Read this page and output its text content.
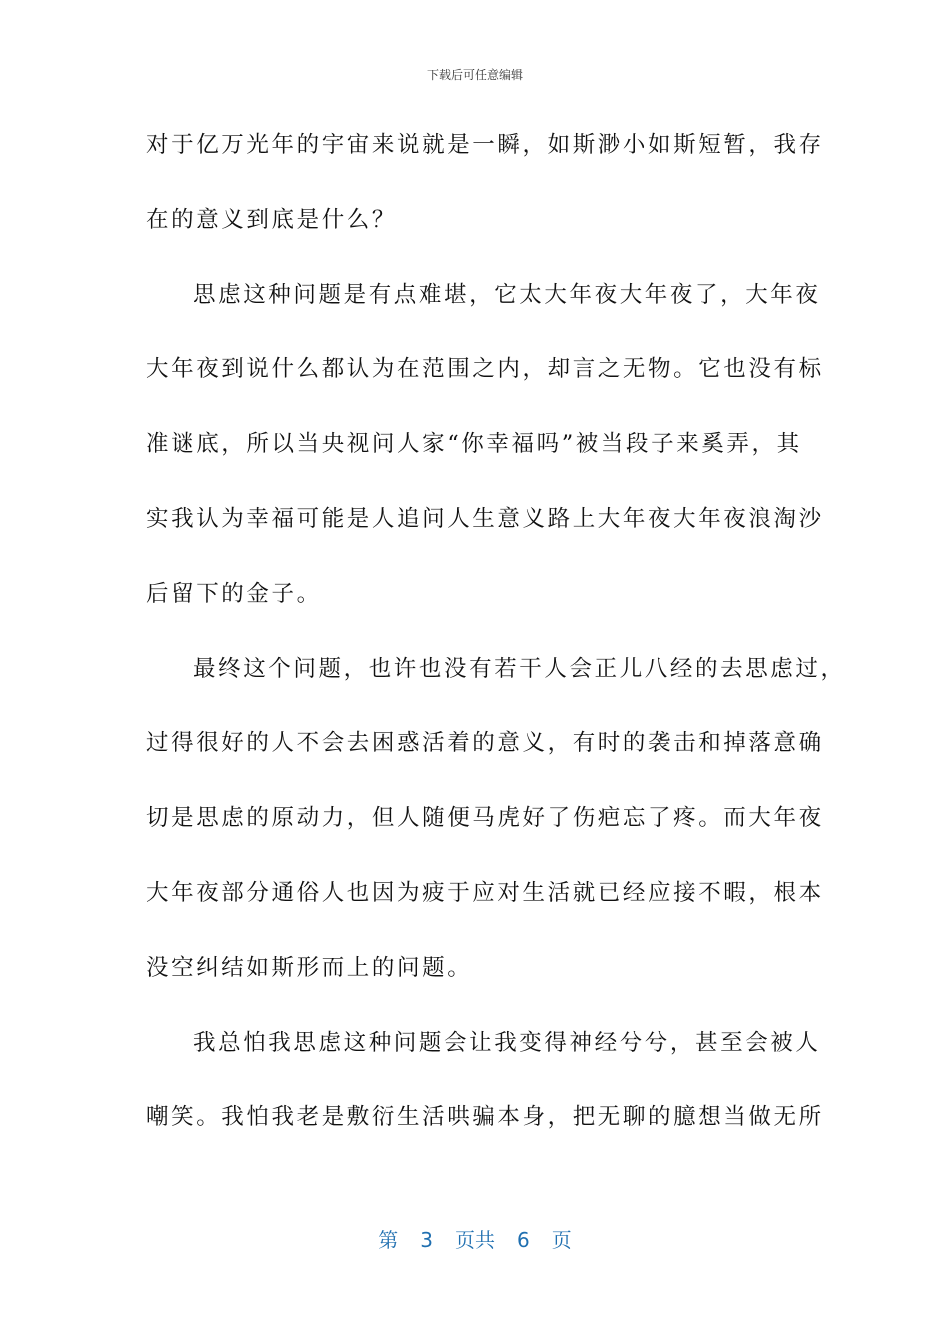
下载后可任意编辑
对于亿万光年的宇宙来说就是一瞬，如斯渺小如斯短暂，我存
在的意义到底是什么？
思虑这种问题是有点难堪，它太大年夜大年夜了，大年夜
大年夜到说什么都认为在范围之内，却言之无物。它也没有标
准谜底，所以当央视问人家“你幸福吗”被当段子来奚弄，其
实我认为幸福可能是人追问人生意义路上大年夜大年夜浪淘沙
后留下的金子。
最终这个问题，也许也没有若干人会正儿八经的去思虑过，
过得很好的人不会去困惑活着的意义，有时的袭击和掉落意确
切是思虑的原动力，但人随便马虎好了伤疤忘了疼。而大年夜
大年夜部分通俗人也因为疲于应对生活就已经应接不暇，根本
没空纠结如斯形而上的问题。
我总怕我思虑这种问题会让我变得神经兮兮，甚至会被人
嘲笑。我怕我老是敷衍生活哄骗本身，把无聊的臆想当做无所
第 3 页共 6 页
